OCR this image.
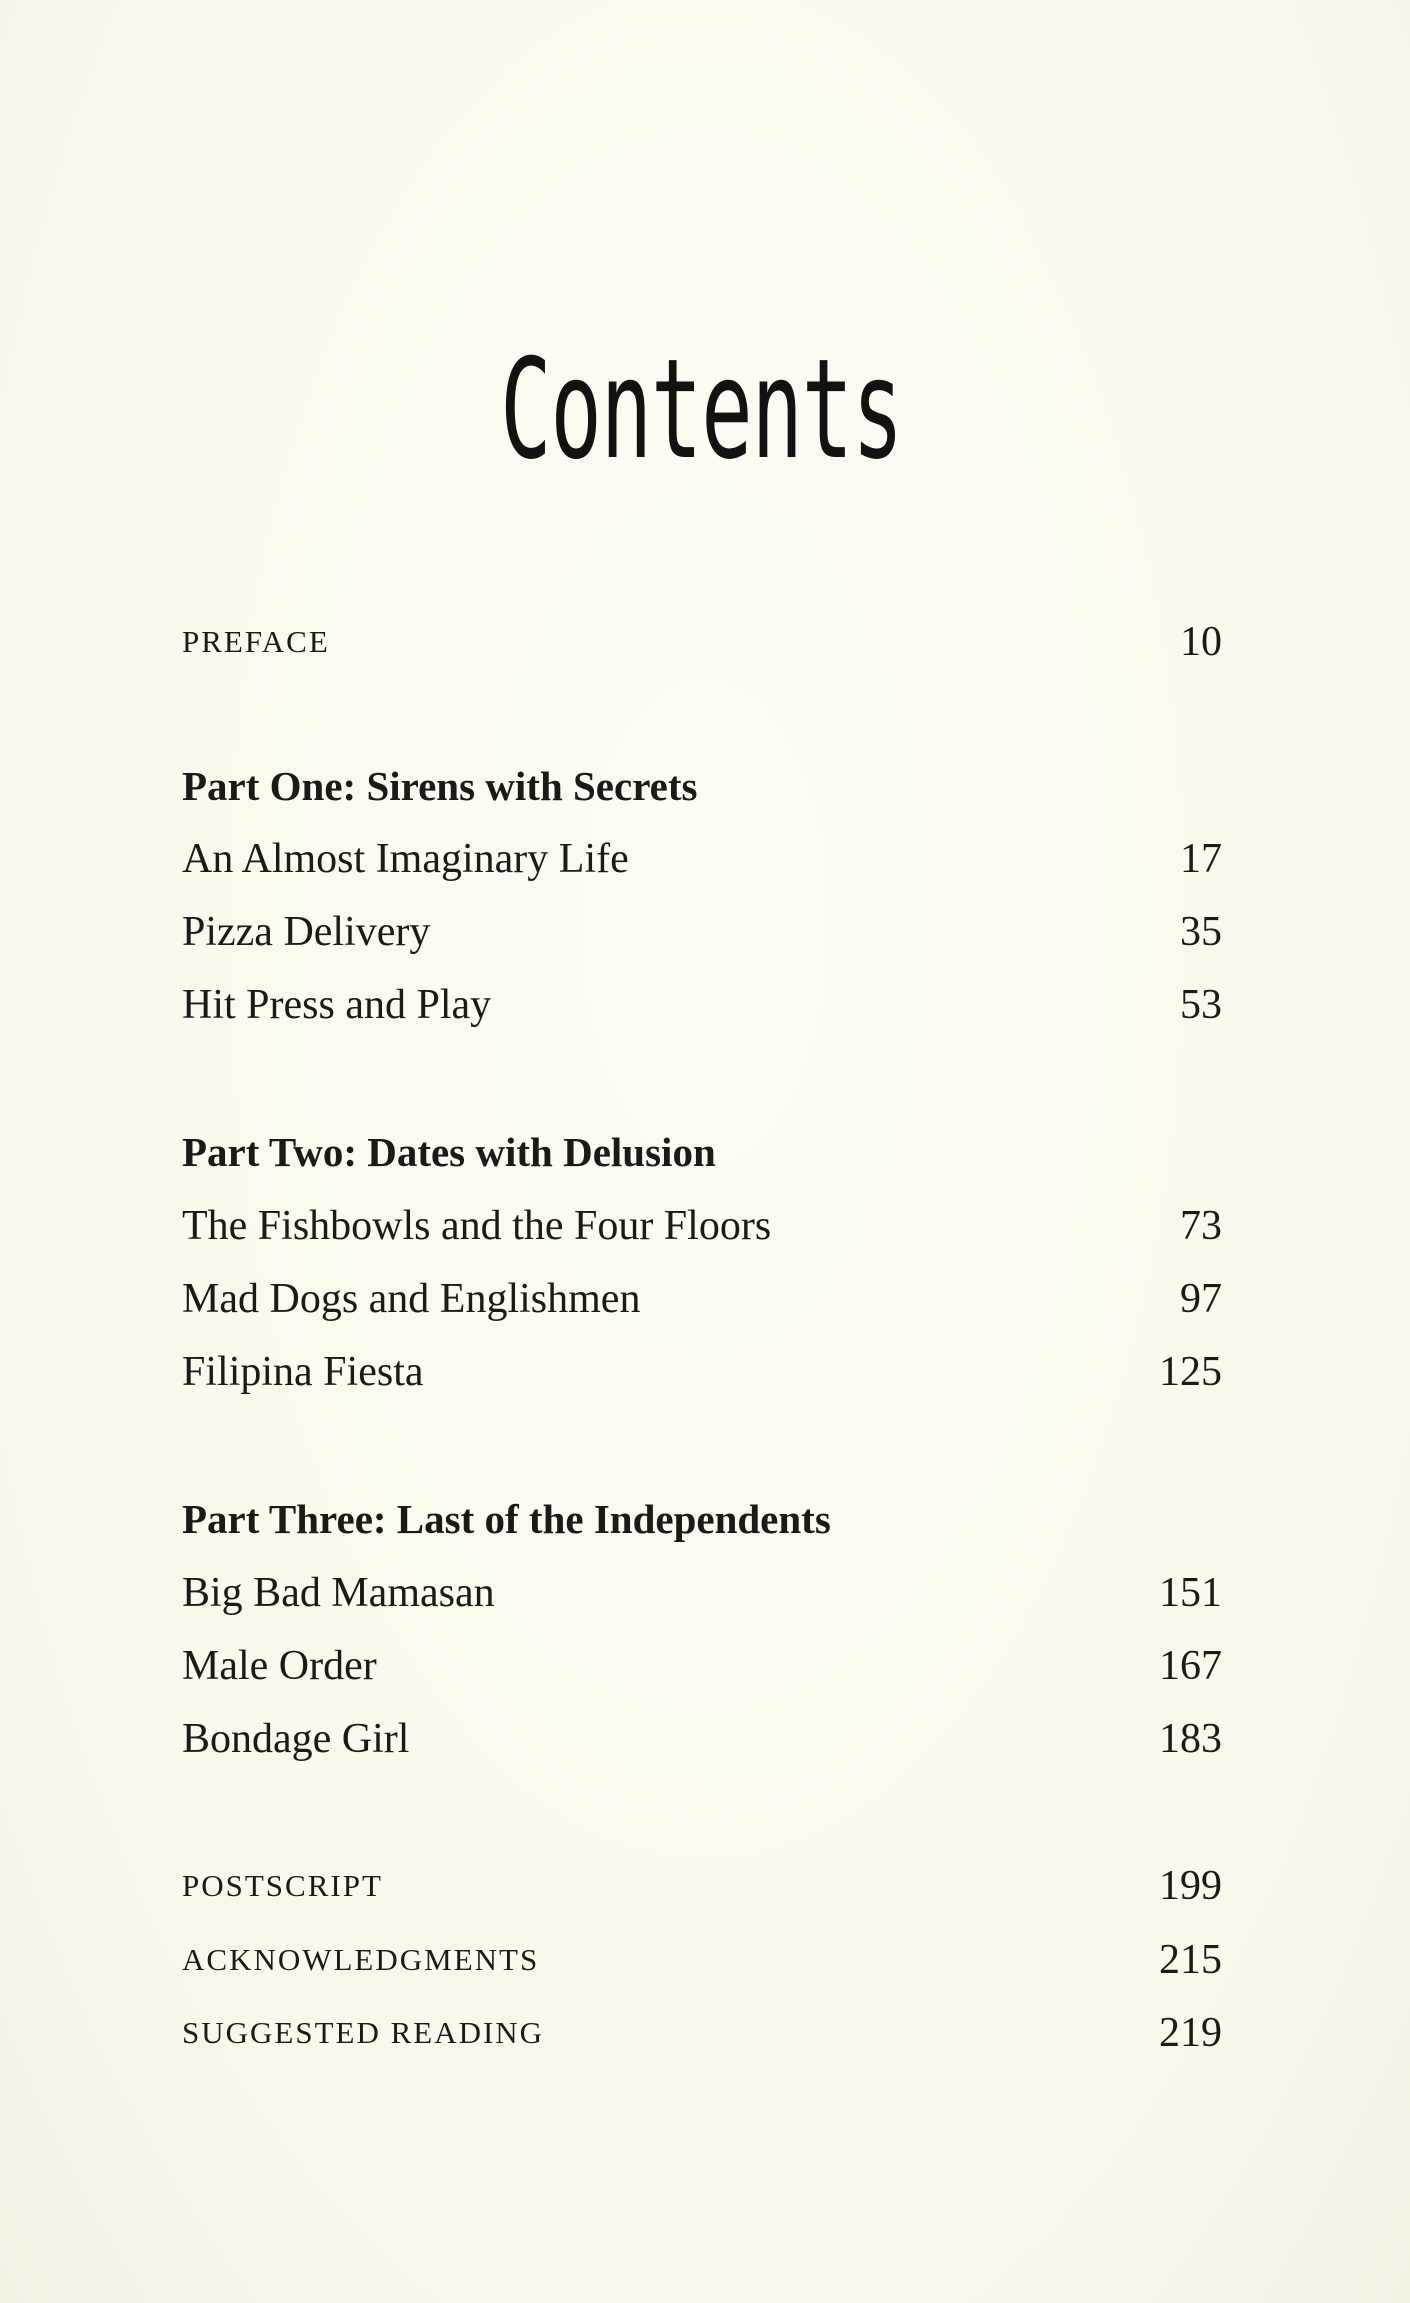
Contents
PREFACE	10
Part One: Sirens with Secrets
An Almost Imaginary Life	17
Pizza Delivery	35
Hit Press and Play	53
Part Two: Dates with Delusion
The Fishbowls and the Four Floors	73
Mad Dogs and Englishmen	97
Filipina Fiesta	125
Part Three: Last of the Independents
Big Bad Mamasan	151
Male Order	167
Bondage Girl	183
POSTSCRIPT	199
ACKNOWLEDGMENTS	215
SUGGESTED READING	219
